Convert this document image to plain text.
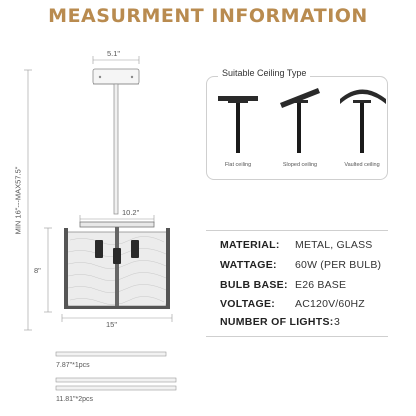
MEASURMENT INFORMATION
5.1"
MIN 16"---MAX57.5"	10.2"
8"
15"
7.87"*1pcs
11.81"*2pcs
Suitable Ceiling Type
Flat ceiling	Sloped ceiling	Vaulted ceiling
MATERIAL: METAL, GLASS
WATTAGE: 60W (PER BULB)
BULB BASE: E26 BASE
VOLTAGE: AC120V/60HZ
NUMBER OF LIGHTS: 3
